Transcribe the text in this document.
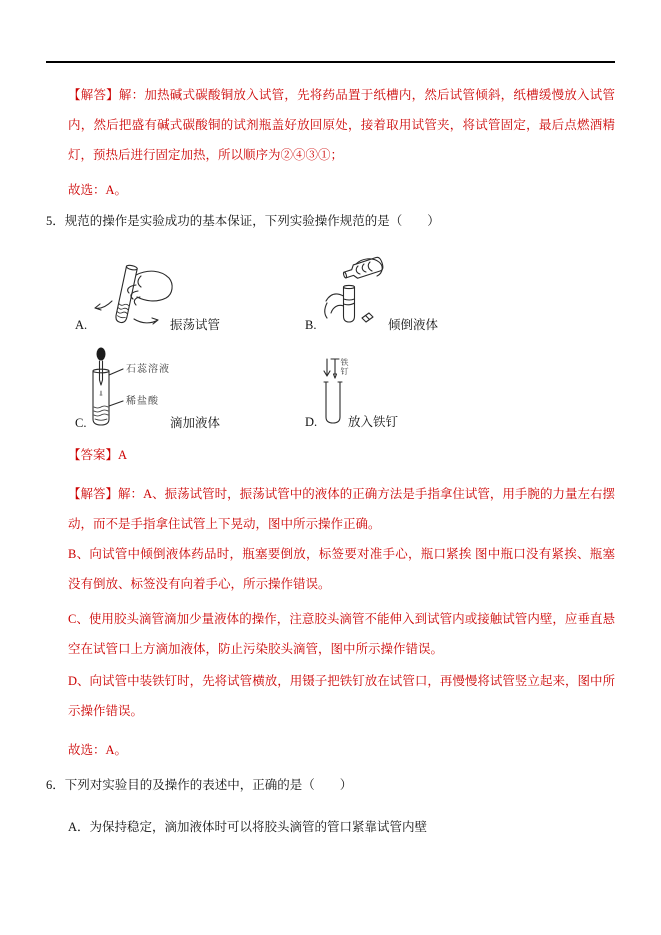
【解答】解：加热碱式碳酸铜放入试管，先将药品置于纸槽内，然后试管倾斜，纸槽缓慢放入试管内，然后把盛有碱式碳酸铜的试剂瓶盖好放回原处，接着取用试管夹，将试管固定，最后点燃酒精灯，预热后进行固定加热，所以顺序为②④③①；

故选：A。

5．规范的操作是实验成功的基本保证，下列实验操作规范的是（　　）

A.	振荡试管	B.	倾倒液体
C.
石蕊溶液
稀盐酸
滴加液体	D.
铁钉
放入铁钉

【答案】A

【解答】解：A、振荡试管时，振荡试管中的液体的正确方法是手指拿住试管，用手腕的力量左右摆动，而不是手指拿住试管上下晃动，图中所示操作正确。

B、向试管中倾倒液体药品时，瓶塞要倒放，标签要对准手心，瓶口紧挨 图中瓶口没有紧挨、瓶塞没有倒放、标签没有向着手心，所示操作错误。

C、使用胶头滴管滴加少量液体的操作，注意胶头滴管不能伸入到试管内或接触试管内壁，应垂直悬空在试管口上方滴加液体，防止污染胶头滴管，图中所示操作错误。

D、向试管中装铁钉时，先将试管横放，用镊子把铁钉放在试管口，再慢慢将试管竖立起来，图中所示操作错误。

故选：A。

6．下列对实验目的及操作的表述中，正确的是（　　）

A．为保持稳定，滴加液体时可以将胶头滴管的管口紧靠试管内壁
